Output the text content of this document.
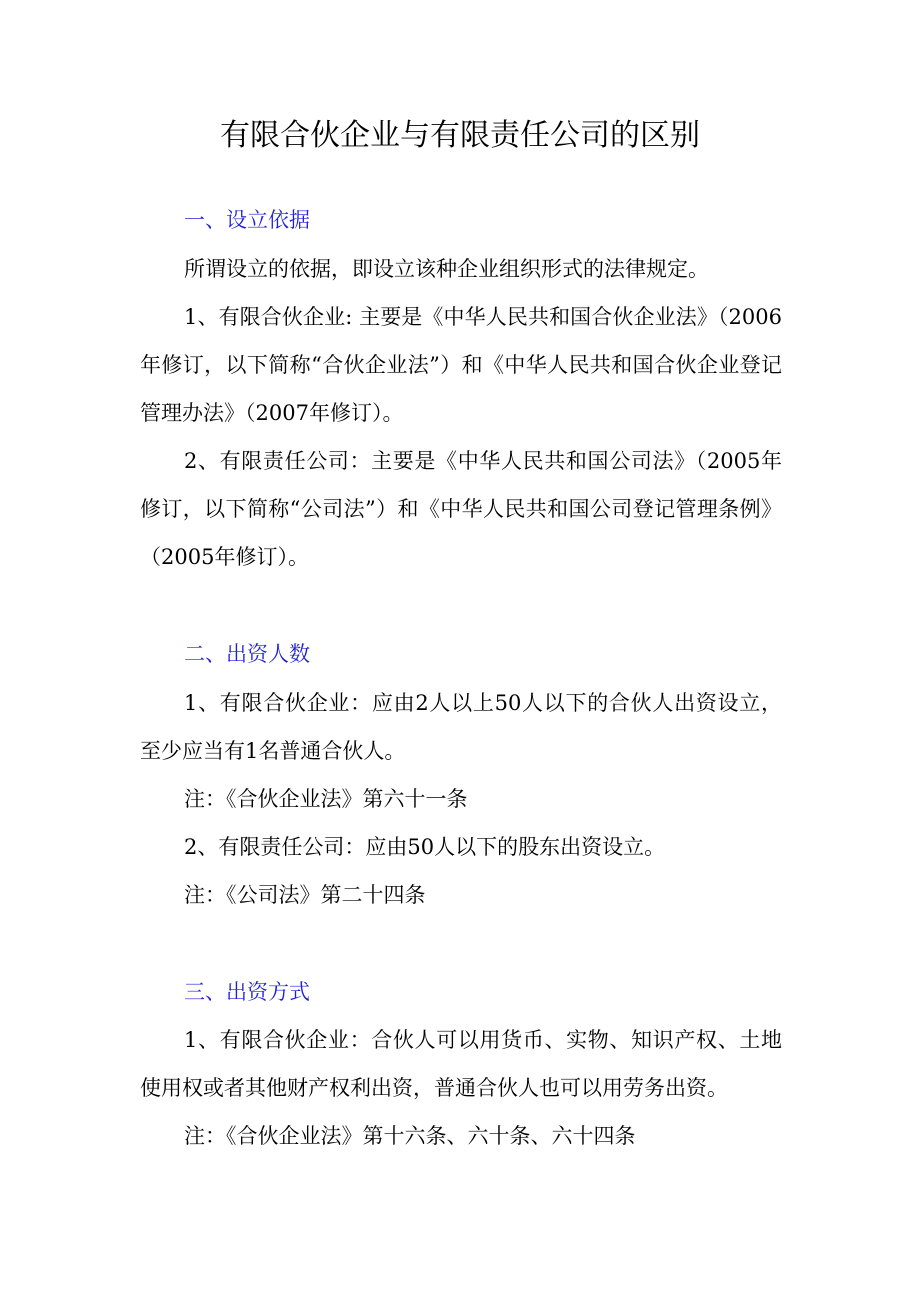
有限合伙企业与有限责任公司的区别
一、设立依据

所谓设立的依据，即设立该种企业组织形式的法律规定。

1、有限合伙企业: 主要是《中华人民共和国合伙企业法》（2006年修订，以下简称“合伙企业法”）和《中华人民共和国合伙企业登记管理办法》（2007年修订）。

2、有限责任公司：主要是《中华人民共和国公司法》（2005年修订，以下简称“公司法”）和《中华人民共和国公司登记管理条例》（2005年修订）。

二、出资人数

1、有限合伙企业：应由2人以上50人以下的合伙人出资设立，至少应当有1名普通合伙人。

注：《合伙企业法》第六十一条

2、有限责任公司：应由50人以下的股东出资设立。

注：《公司法》第二十四条

三、出资方式

1、有限合伙企业：合伙人可以用货币、实物、知识产权、土地使用权或者其他财产权利出资，普通合伙人也可以用劳务出资。

注：《合伙企业法》第十六条、六十条、六十四条
